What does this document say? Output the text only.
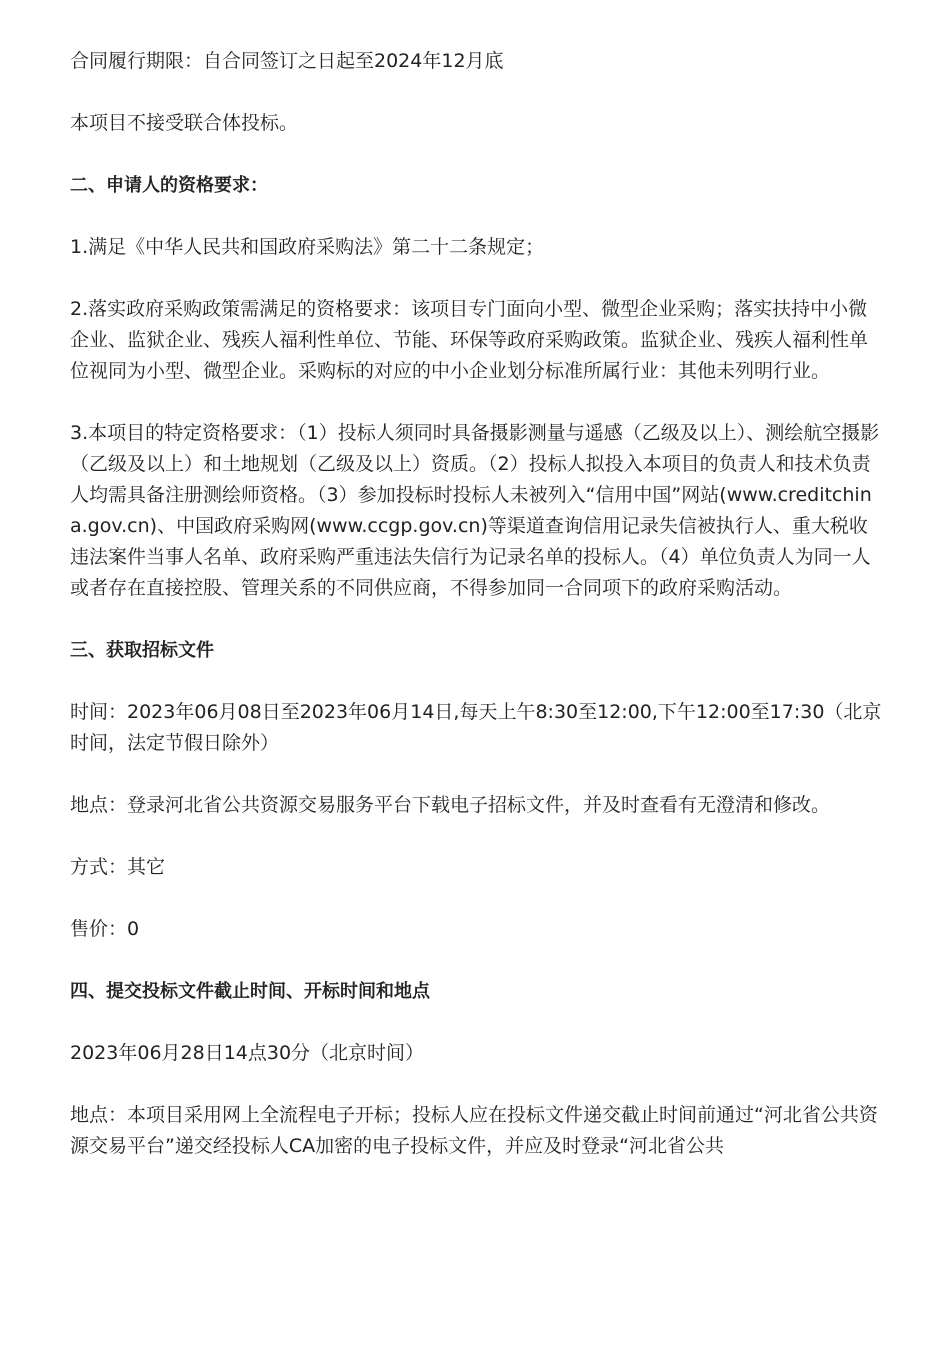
合同履行期限：自合同签订之日起至2024年12月底

本项目不接受联合体投标。

二、申请人的资格要求：

1.满足《中华人民共和国政府采购法》第二十二条规定；

2.落实政府采购政策需满足的资格要求：该项目专门面向小型、微型企业采购；落实扶持中小微企业、监狱企业、残疾人福利性单位、节能、环保等政府采购政策。监狱企业、残疾人福利性单位视同为小型、微型企业。采购标的对应的中小企业划分标准所属行业：其他未列明行业。

3.本项目的特定资格要求：（1）投标人须同时具备摄影测量与遥感（乙级及以上）、测绘航空摄影（乙级及以上）和土地规划（乙级及以上）资质。（2）投标人拟投入本项目的负责人和技术负责人均需具备注册测绘师资格。（3）参加投标时投标人未被列入“信用中国”网站(www.creditchina.gov.cn)、中国政府采购网(www.ccgp.gov.cn)等渠道查询信用记录失信被执行人、重大税收违法案件当事人名单、政府采购严重违法失信行为记录名单的投标人。（4）单位负责人为同一人或者存在直接控股、管理关系的不同供应商，不得参加同一合同项下的政府采购活动。

三、获取招标文件

时间：2023年06月08日至2023年06月14日,每天上午8:30至12:00,下午12:00至17:30（北京时间，法定节假日除外）

地点：登录河北省公共资源交易服务平台下载电子招标文件，并及时查看有无澄清和修改。

方式：其它

售价：0

四、提交投标文件截止时间、开标时间和地点

2023年06月28日14点30分（北京时间）

地点：本项目采用网上全流程电子开标；投标人应在投标文件递交截止时间前通过“河北省公共资源交易平台”递交经投标人CA加密的电子投标文件，并应及时登录“河北省公共
